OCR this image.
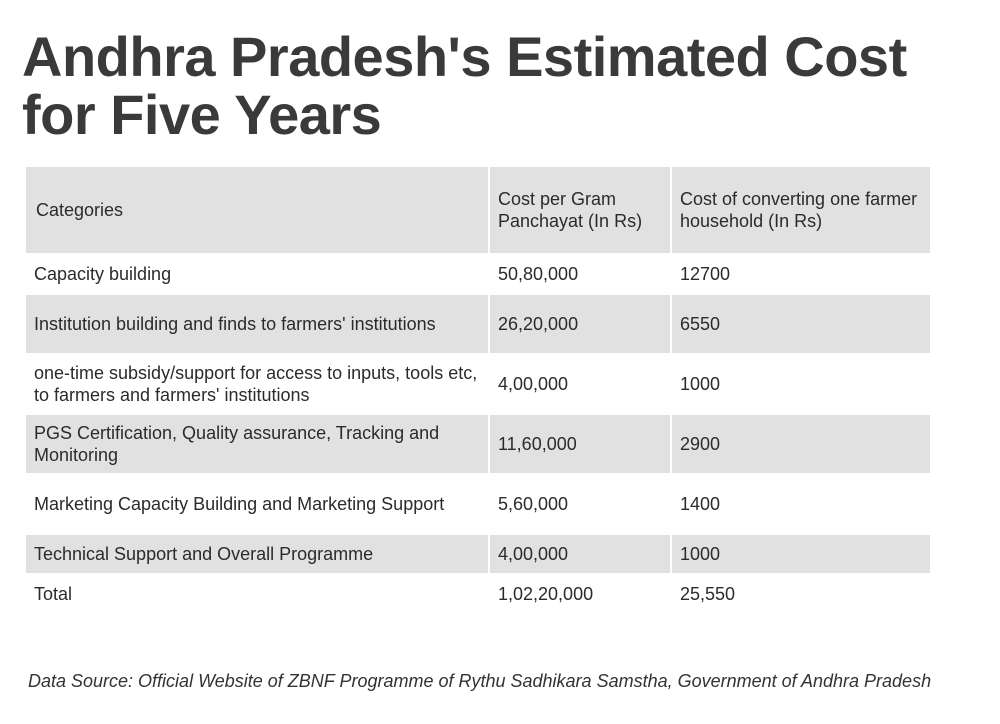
Andhra Pradesh's Estimated Cost for Five Years
Categories	Cost per Gram Panchayat (In Rs)	Cost of converting one farmer household (In Rs)
Capacity building	50,80,000	12700
Institution building and finds to farmers' institutions	26,20,000	6550
one-time subsidy/support for access to inputs, tools etc, to farmers and farmers' institutions	4,00,000	1000
PGS Certification, Quality assurance, Tracking and Monitoring	11,60,000	2900
Marketing Capacity Building and Marketing Support	5,60,000	1400
Technical Support and Overall Programme	4,00,000	1000
Total	1,02,20,000	25,550

Data Source: Official Website of ZBNF Programme of Rythu Sadhikara Samstha, Government of Andhra Pradesh
